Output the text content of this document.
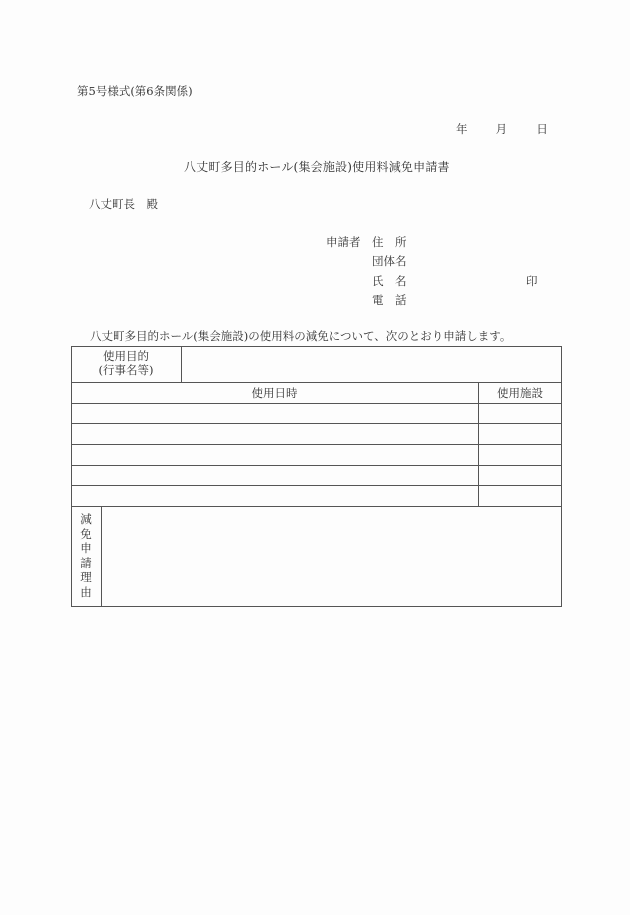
第5号様式(第6条関係)
年 月	日
八丈町多目的ホール(集会施設)使用料減免申請書
八丈町長　殿
申請者 住　所
団体名
氏　名	印
電　話
八丈町多目的ホール(集会施設)の使用料の減免について、次のとおり申請します。
使用目的
(行事名等)
使用日時	使用施設
減
免
申
請
理
由
